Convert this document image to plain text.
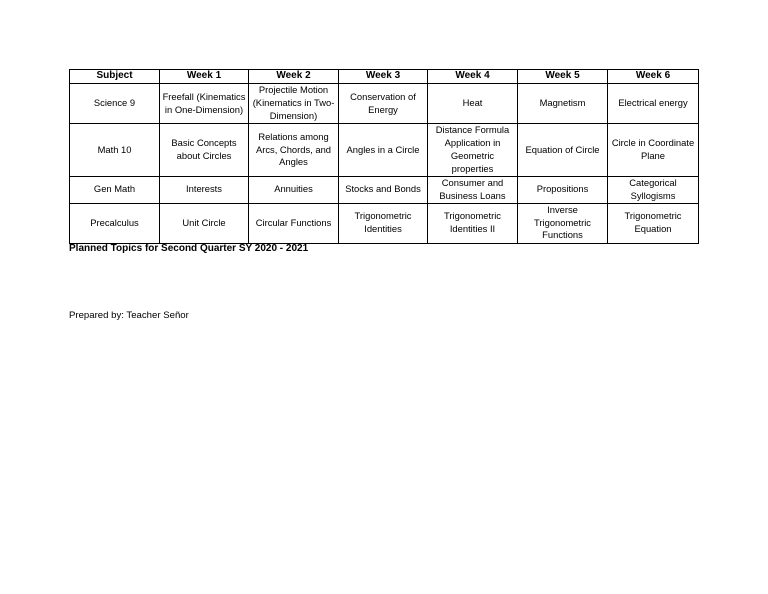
Subject	Week 1	Week 2	Week 3	Week 4	Week 5	Week 6
Science 9	Freefall (Kinematics in One-Dimension)	Projectile Motion (Kinematics in Two-Dimension)	Conservation of Energy	Heat	Magnetism	Electrical energy
Math 10	Basic Concepts about Circles	Relations among Arcs, Chords, and Angles	Angles in a Circle	Distance Formula Application in Geometric properties	Equation of Circle	Circle in Coordinate Plane
Gen Math	Interests	Annuities	Stocks and Bonds	Consumer and Business Loans	Propositions	Categorical Syllogisms
Precalculus	Unit Circle	Circular Functions	Trigonometric Identities	Trigonometric Identities II	Inverse Trigonometric Functions	Trigonometric Equation
Planned Topics for Second Quarter SY 2020 - 2021
Prepared by: Teacher Señor
